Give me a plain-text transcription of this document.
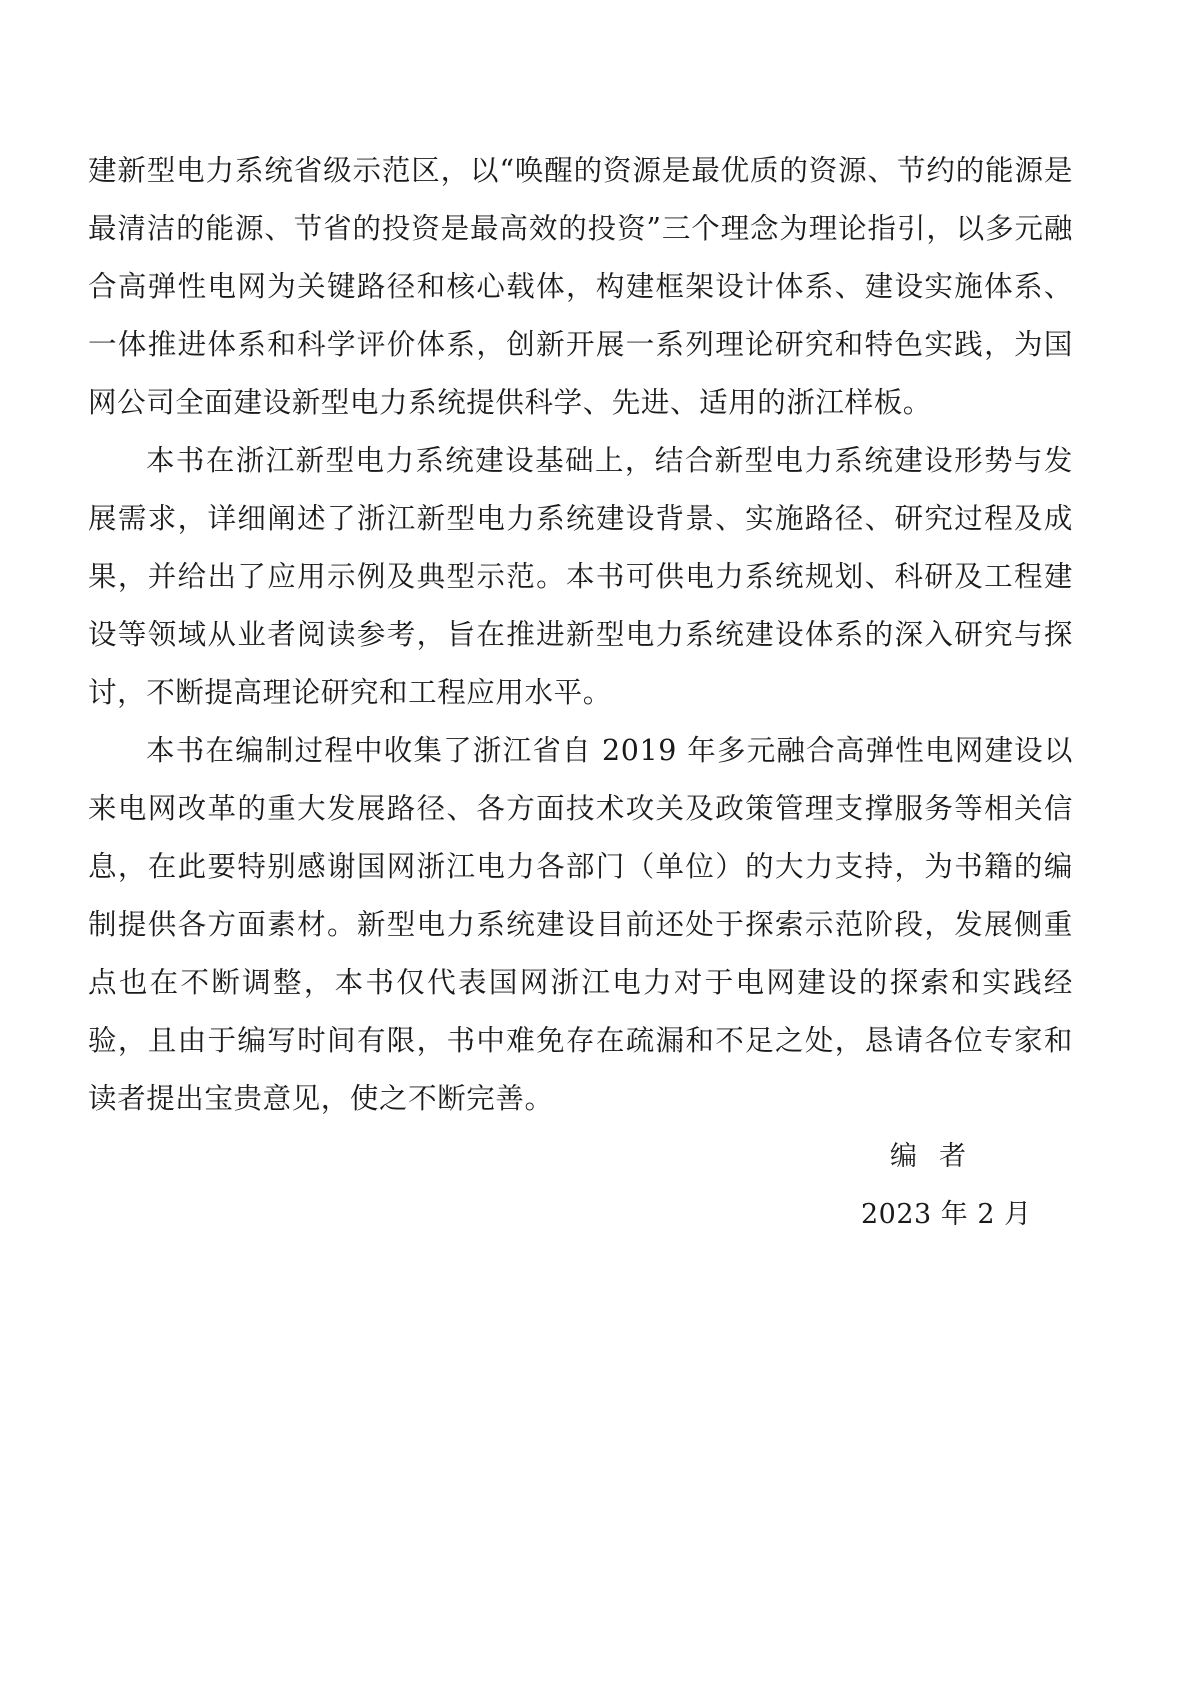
建新型电力系统省级示范区，以“唤醒的资源是最优质的资源、节约的能源是最清洁的能源、节省的投资是最高效的投资”三个理念为理论指引，以多元融合高弹性电网为关键路径和核心载体，构建框架设计体系、建设实施体系、一体推进体系和科学评价体系，创新开展一系列理论研究和特色实践，为国网公司全面建设新型电力系统提供科学、先进、适用的浙江样板。

本书在浙江新型电力系统建设基础上，结合新型电力系统建设形势与发展需求，详细阐述了浙江新型电力系统建设背景、实施路径、研究过程及成果，并给出了应用示例及典型示范。本书可供电力系统规划、科研及工程建设等领域从业者阅读参考，旨在推进新型电力系统建设体系的深入研究与探讨，不断提高理论研究和工程应用水平。

本书在编制过程中收集了浙江省自 2019 年多元融合高弹性电网建设以来电网改革的重大发展路径、各方面技术攻关及政策管理支撑服务等相关信息，在此要特别感谢国网浙江电力各部门（单位）的大力支持，为书籍的编制提供各方面素材。新型电力系统建设目前还处于探索示范阶段，发展侧重点也在不断调整，本书仅代表国网浙江电力对于电网建设的探索和实践经验，且由于编写时间有限，书中难免存在疏漏和不足之处，恳请各位专家和读者提出宝贵意见，使之不断完善。

编者
2023 年 2 月
